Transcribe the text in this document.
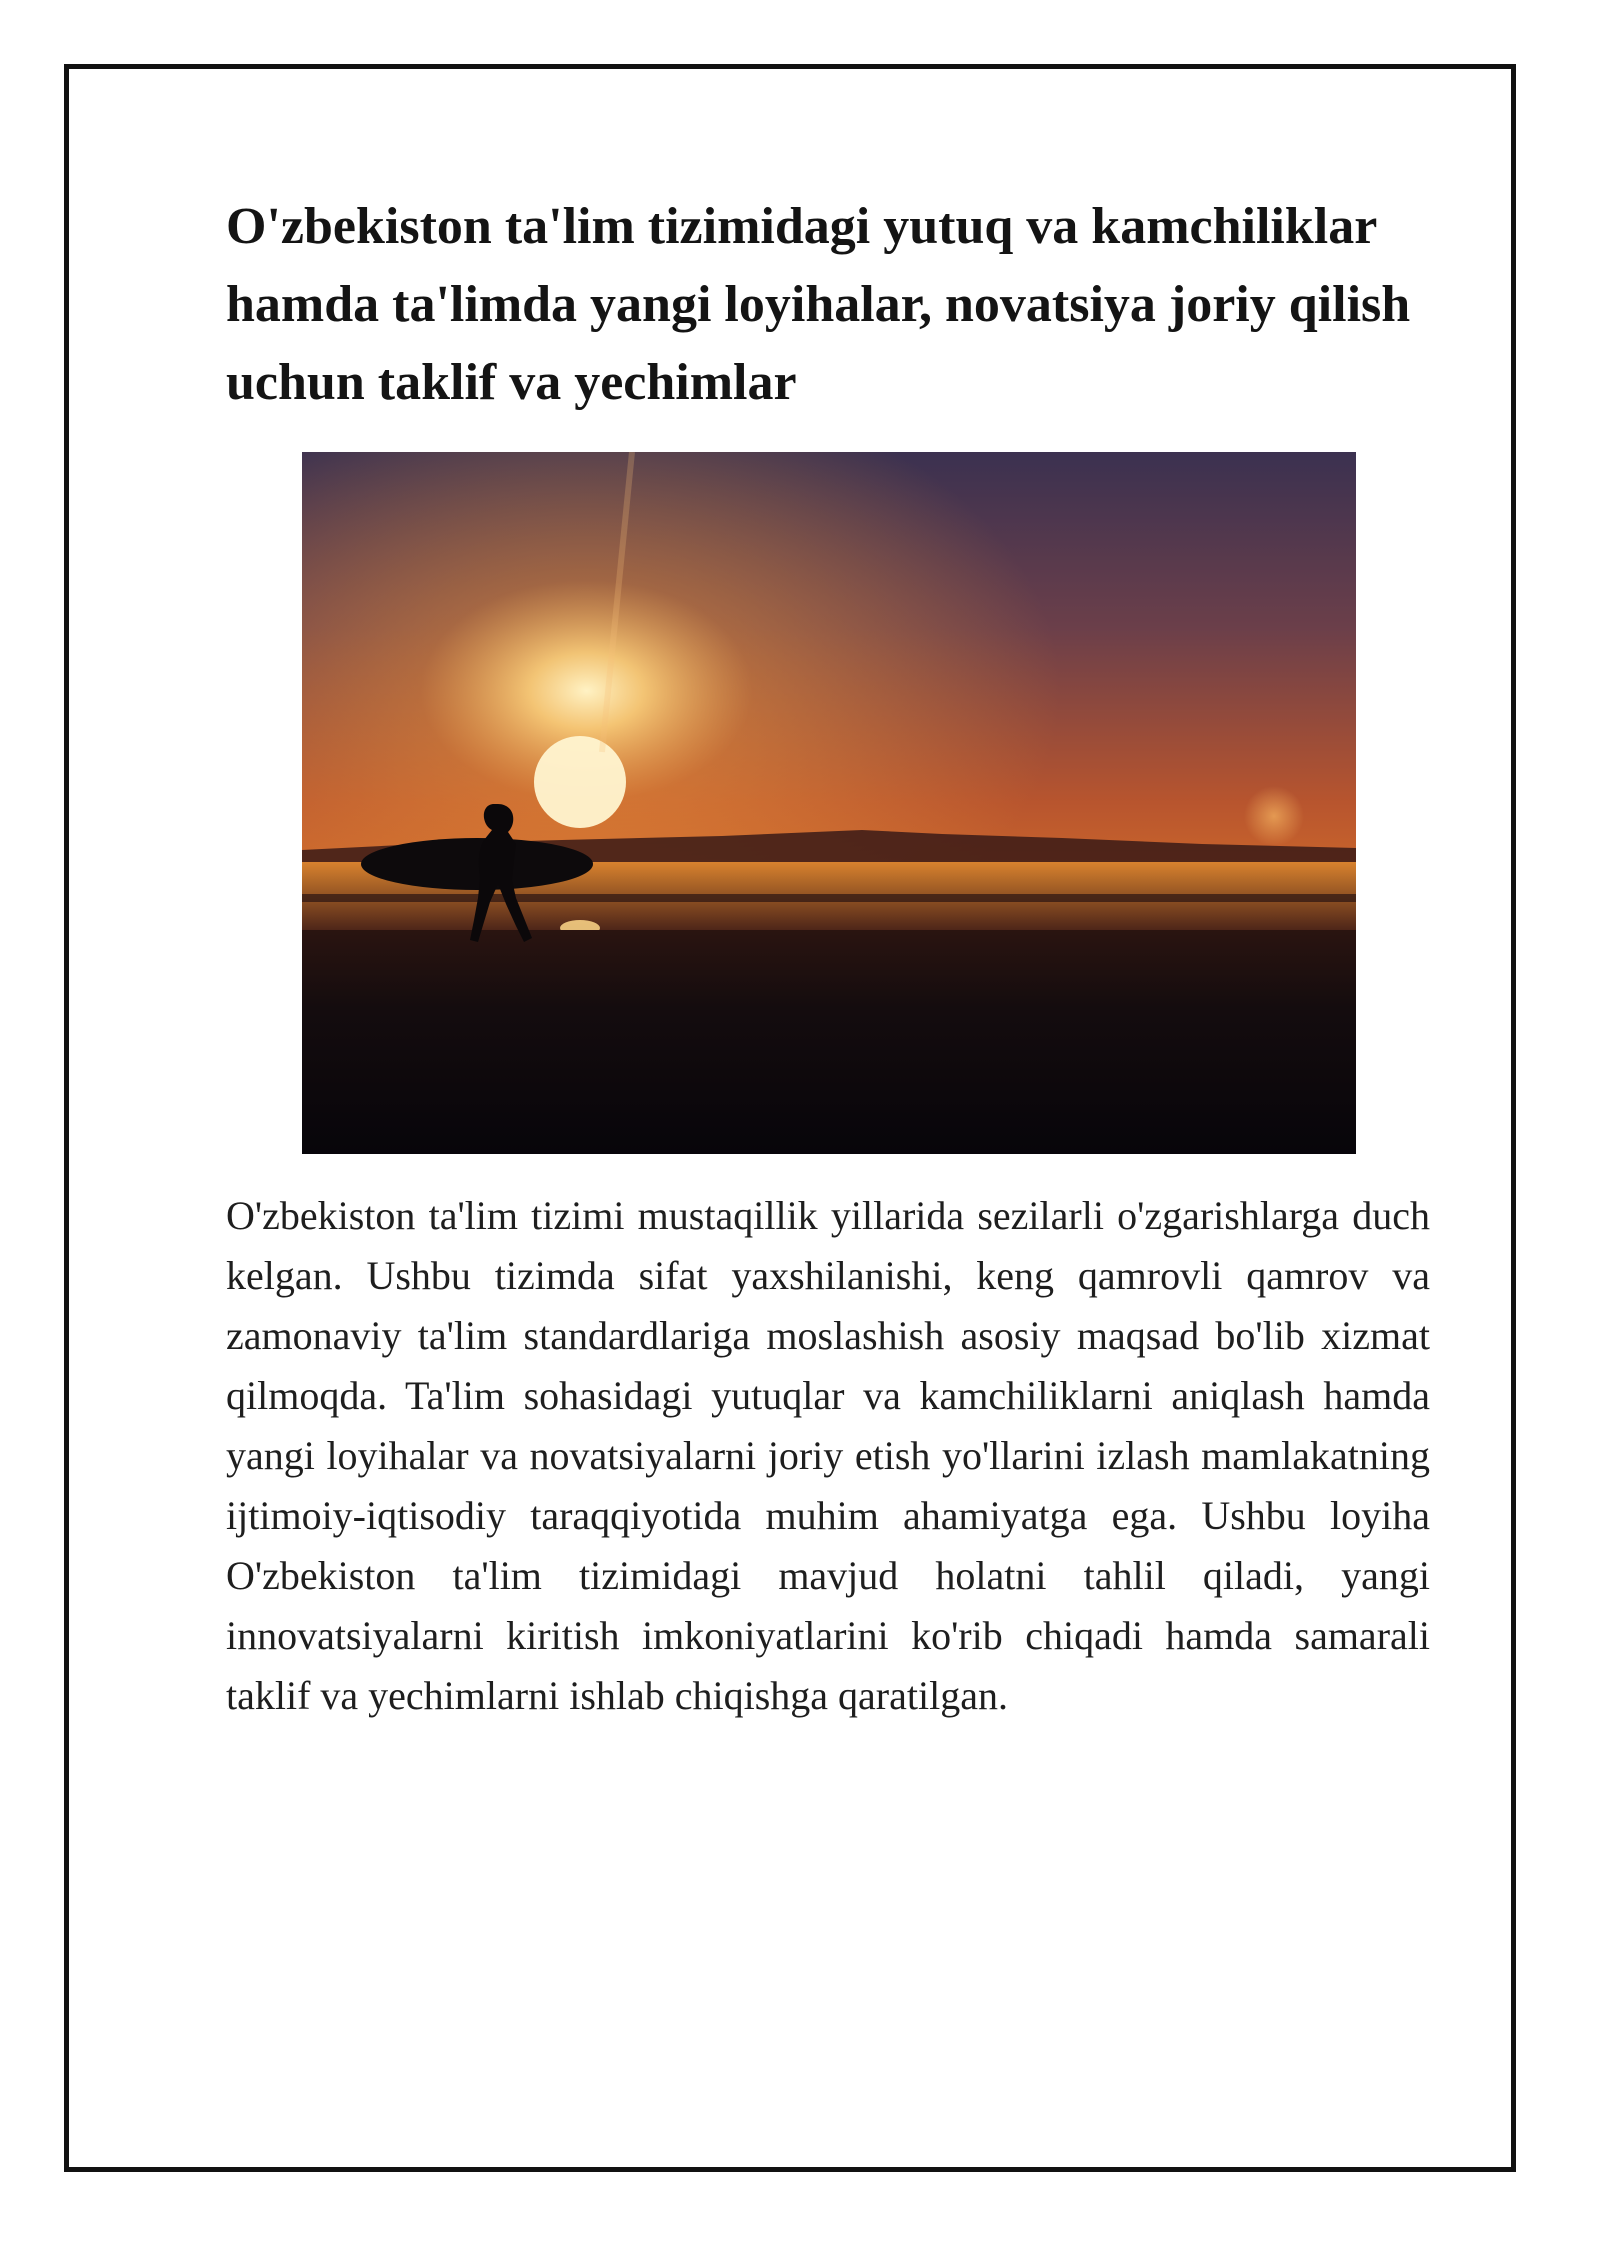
O'zbekiston ta'lim tizimidagi yutuq va kamchiliklar hamda ta'limda yangi loyihalar, novatsiya joriy qilish uchun taklif va yechimlar

O'zbekiston ta'lim tizimi mustaqillik yillarida sezilarli o'zgarishlarga duch kelgan. Ushbu tizimda sifat yaxshilanishi, keng qamrovli qamrov va zamonaviy ta'lim standardlariga moslashish asosiy maqsad bo'lib xizmat qilmoqda. Ta'lim sohasidagi yutuqlar va kamchiliklarni aniqlash hamda yangi loyihalar va novatsiyalarni joriy etish yo'llarini izlash mamlakatning ijtimoiy-iqtisodiy taraqqiyotida muhim ahamiyatga ega. Ushbu loyiha O'zbekiston ta'lim tizimidagi mavjud holatni tahlil qiladi, yangi innovatsiyalarni kiritish imkoniyatlarini ko'rib chiqadi hamda samarali taklif va yechimlarni ishlab chiqishga qaratilgan.
